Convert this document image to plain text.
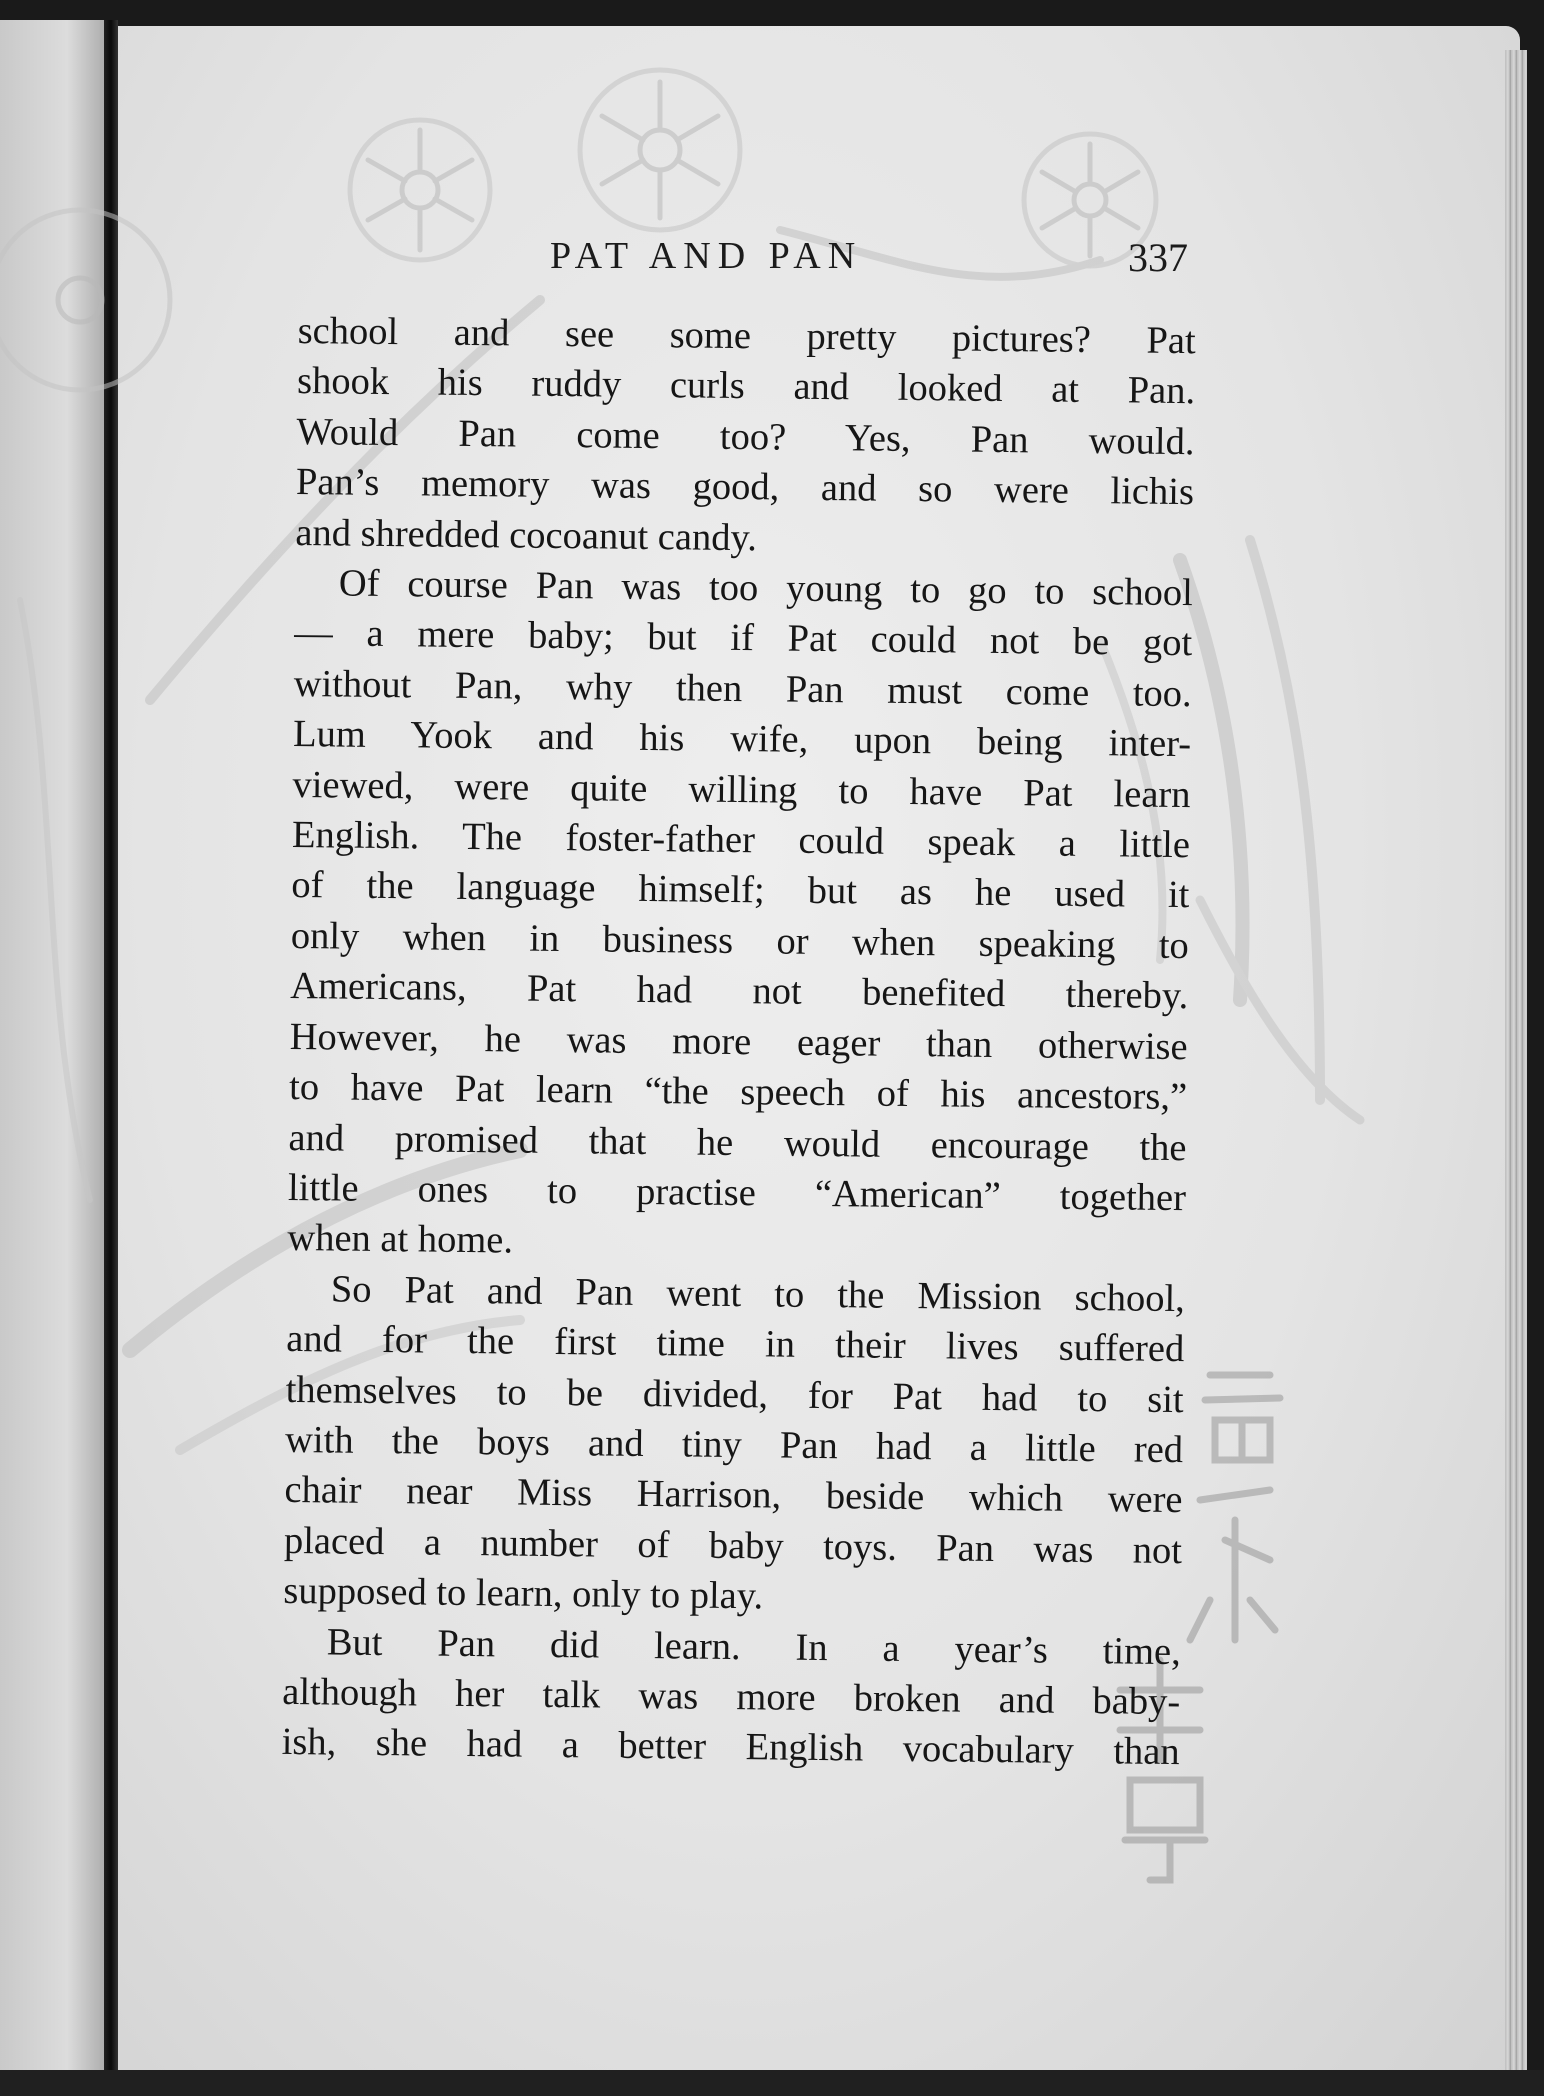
PAT AND PAN	337

school and see some pretty pictures? Pat
shook his ruddy curls and looked at Pan.
Would Pan come too? Yes, Pan would.
Pan’s memory was good, and so were lichis
and shredded cocoanut candy.

Of course Pan was too young to go to school
— a mere baby; but if Pat could not be got
without Pan, why then Pan must come too.
Lum Yook and his wife, upon being inter-
viewed, were quite willing to have Pat learn
English. The foster-father could speak a little
of the language himself; but as he used it
only when in business or when speaking to
Americans, Pat had not benefited thereby.
However, he was more eager than otherwise
to have Pat learn “the speech of his ancestors,”
and promised that he would encourage the
little ones to practise “American” together
when at home.

So Pat and Pan went to the Mission school,
and for the first time in their lives suffered
themselves to be divided, for Pat had to sit
with the boys and tiny Pan had a little red
chair near Miss Harrison, beside which were
placed a number of baby toys. Pan was not
supposed to learn, only to play.

But Pan did learn. In a year’s time,
although her talk was more broken and baby-
ish, she had a better English vocabulary than
